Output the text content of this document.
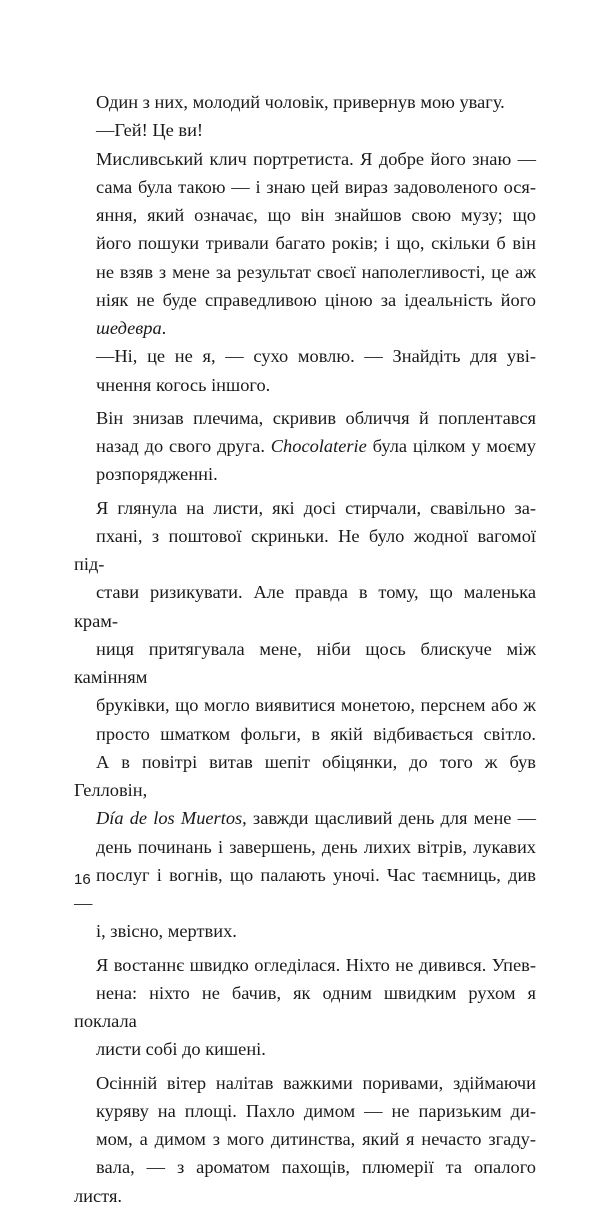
Один з них, молодий чоловік, привернув мою увагу.

—Гей! Це ви!

Мисливський клич портретиста. Я добре його знаю —
сама була такою — і знаю цей вираз задоволеного ося-
яння, який означає, що він знайшов свою музу; що
його пошуки тривали багато років; і що, скільки б він
не взяв з мене за результат своєї наполегливості, це аж
ніяк не буде справедливою ціною за ідеальність його
шедевра.

—Ні, це не я, — сухо мовлю. — Знайдіть для уві-
чнення когось іншого.

Він знизав плечима, скривив обличчя й поплентався
назад до свого друга. Chocolaterie була цілком у моєму
розпорядженні.

Я глянула на листи, які досі стирчали, свавільно за-
пхані, з поштової скриньки. Не було жодної вагомої під-
стави ризикувати. Але правда в тому, що маленька крам-
ниця притягувала мене, ніби щось блискуче між камінням
бруківки, що могло виявитися монетою, перснем або ж
просто шматком фольги, в якій відбивається світло.
А в повітрі витав шепіт обіцянки, до того ж був Гелловін,
Día de los Muertos, завжди щасливий день для мене —
день починань і завершень, день лихих вітрів, лукавих
послуг і вогнів, що палають уночі. Час таємниць, див —
і, звісно, мертвих.

Я востаннє швидко огледілася. Ніхто не дивився. Упев-
нена: ніхто не бачив, як одним швидким рухом я поклала
листи собі до кишені.

Осінній вітер налітав важкими поривами, здіймаючи
куряву на площі. Пахло димом — не паризьким ди-
мом, а димом з мого дитинства, який я нечасто згаду-
вала, — з ароматом пахощів, плюмерії та опалого листя.

16
